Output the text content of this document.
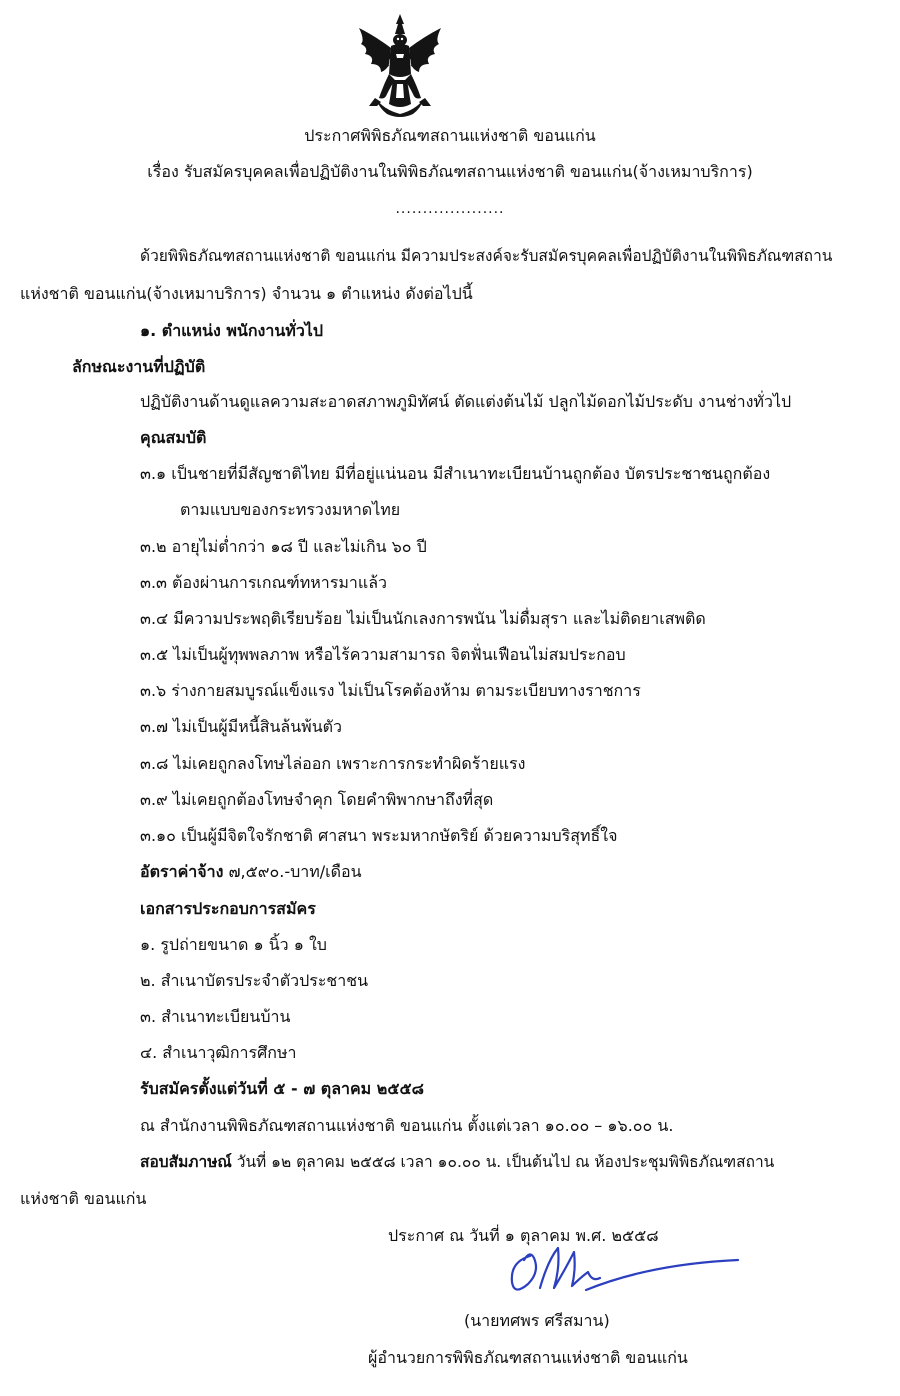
ประกาศพิพิธภัณฑสถานแห่งชาติ ขอนแก่น
เรื่อง รับสมัครบุคคลเพื่อปฏิบัติงานในพิพิธภัณฑสถานแห่งชาติ ขอนแก่น(จ้างเหมาบริการ)
....................
ด้วยพิพิธภัณฑสถานแห่งชาติ ขอนแก่น มีความประสงค์จะรับสมัครบุคคลเพื่อปฏิบัติงานในพิพิธภัณฑสถาน
แห่งชาติ ขอนแก่น(จ้างเหมาบริการ) จำนวน ๑ ตำแหน่ง ดังต่อไปนี้
๑. ตำแหน่ง พนักงานทั่วไป
ลักษณะงานที่ปฏิบัติ
ปฏิบัติงานด้านดูแลความสะอาดสภาพภูมิทัศน์ ตัดแต่งต้นไม้ ปลูกไม้ดอกไม้ประดับ งานช่างทั่วไป
คุณสมบัติ
๓.๑ เป็นชายที่มีสัญชาติไทย มีที่อยู่แน่นอน มีสำเนาทะเบียนบ้านถูกต้อง บัตรประชาชนถูกต้อง
ตามแบบของกระทรวงมหาดไทย
๓.๒ อายุไม่ต่ำกว่า ๑๘ ปี และไม่เกิน ๖๐ ปี
๓.๓ ต้องผ่านการเกณฑ์ทหารมาแล้ว
๓.๔ มีความประพฤติเรียบร้อย ไม่เป็นนักเลงการพนัน ไม่ดื่มสุรา และไม่ติดยาเสพติด
๓.๕ ไม่เป็นผู้ทุพพลภาพ หรือไร้ความสามารถ จิตฟั่นเฟือนไม่สมประกอบ
๓.๖ ร่างกายสมบูรณ์แข็งแรง ไม่เป็นโรคต้องห้าม ตามระเบียบทางราชการ
๓.๗ ไม่เป็นผู้มีหนี้สินล้นพ้นตัว
๓.๘ ไม่เคยถูกลงโทษไล่ออก เพราะการกระทำผิดร้ายแรง
๓.๙ ไม่เคยถูกต้องโทษจำคุก โดยคำพิพากษาถึงที่สุด
๓.๑๐ เป็นผู้มีจิตใจรักชาติ ศาสนา พระมหากษัตริย์ ด้วยความบริสุทธิ์ใจ
อัตราค่าจ้าง ๗,๕๙๐.-บาท/เดือน
เอกสารประกอบการสมัคร
๑. รูปถ่ายขนาด ๑ นิ้ว ๑ ใบ
๒. สำเนาบัตรประจำตัวประชาชน
๓. สำเนาทะเบียนบ้าน
๔. สำเนาวุฒิการศึกษา
รับสมัครตั้งแต่วันที่ ๕ - ๗ ตุลาคม ๒๕๕๘
ณ สำนักงานพิพิธภัณฑสถานแห่งชาติ ขอนแก่น ตั้งแต่เวลา ๑๐.๐๐ – ๑๖.๐๐ น.
สอบสัมภาษณ์ วันที่ ๑๒ ตุลาคม ๒๕๕๘ เวลา ๑๐.๐๐ น. เป็นต้นไป ณ ห้องประชุมพิพิธภัณฑสถาน
แห่งชาติ ขอนแก่น
ประกาศ ณ วันที่ ๑ ตุลาคม พ.ศ. ๒๕๕๘
(นายทศพร ศรีสมาน)
ผู้อำนวยการพิพิธภัณฑสถานแห่งชาติ ขอนแก่น
